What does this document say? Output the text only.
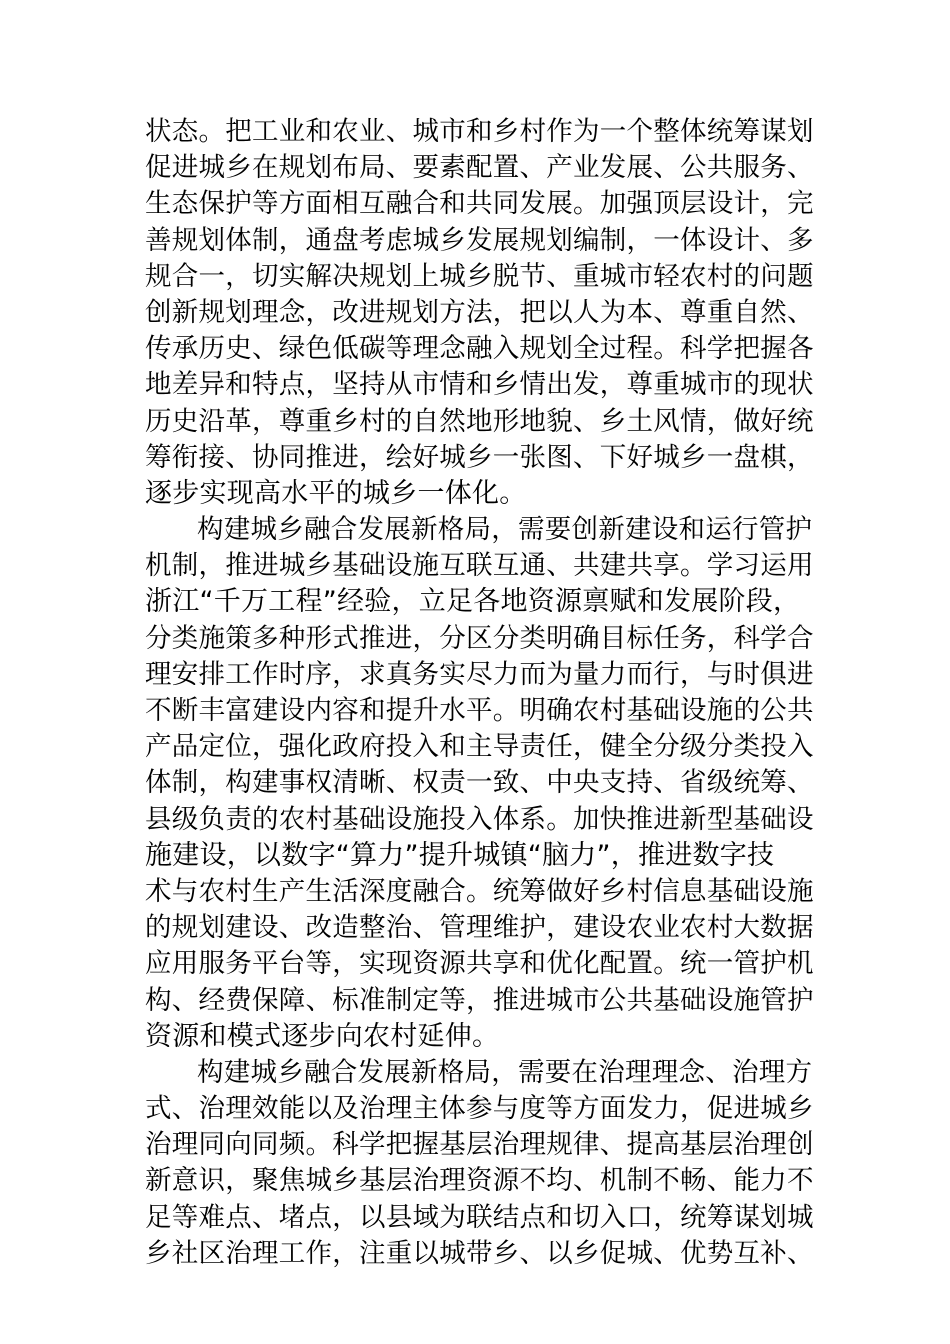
状态。把工业和农业、城市和乡村作为一个整体统筹谋划
促进城乡在规划布局、要素配置、产业发展、公共服务、
生态保护等方面相互融合和共同发展。加强顶层设计，完
善规划体制，通盘考虑城乡发展规划编制，一体设计、多
规合一，切实解决规划上城乡脱节、重城市轻农村的问题
创新规划理念，改进规划方法，把以人为本、尊重自然、
传承历史、绿色低碳等理念融入规划全过程。科学把握各
地差异和特点，坚持从市情和乡情出发，尊重城市的现状
历史沿革，尊重乡村的自然地形地貌、乡土风情，做好统
筹衔接、协同推进，绘好城乡一张图、下好城乡一盘棋，
逐步实现高水平的城乡一体化。
构建城乡融合发展新格局，需要创新建设和运行管护
机制，推进城乡基础设施互联互通、共建共享。学习运用
浙江“千万工程”经验，立足各地资源禀赋和发展阶段，
分类施策多种形式推进，分区分类明确目标任务，科学合
理安排工作时序，求真务实尽力而为量力而行，与时俱进
不断丰富建设内容和提升水平。明确农村基础设施的公共
产品定位，强化政府投入和主导责任，健全分级分类投入
体制，构建事权清晰、权责一致、中央支持、省级统筹、
县级负责的农村基础设施投入体系。加快推进新型基础设
施建设，以数字“算力”提升城镇“脑力”，推进数字技
术与农村生产生活深度融合。统筹做好乡村信息基础设施
的规划建设、改造整治、管理维护，建设农业农村大数据
应用服务平台等，实现资源共享和优化配置。统一管护机
构、经费保障、标准制定等，推进城市公共基础设施管护
资源和模式逐步向农村延伸。
构建城乡融合发展新格局，需要在治理理念、治理方
式、治理效能以及治理主体参与度等方面发力，促进城乡
治理同向同频。科学把握基层治理规律、提高基层治理创
新意识，聚焦城乡基层治理资源不均、机制不畅、能力不
足等难点、堵点，以县域为联结点和切入口，统筹谋划城
乡社区治理工作，注重以城带乡、以乡促城、优势互补、
